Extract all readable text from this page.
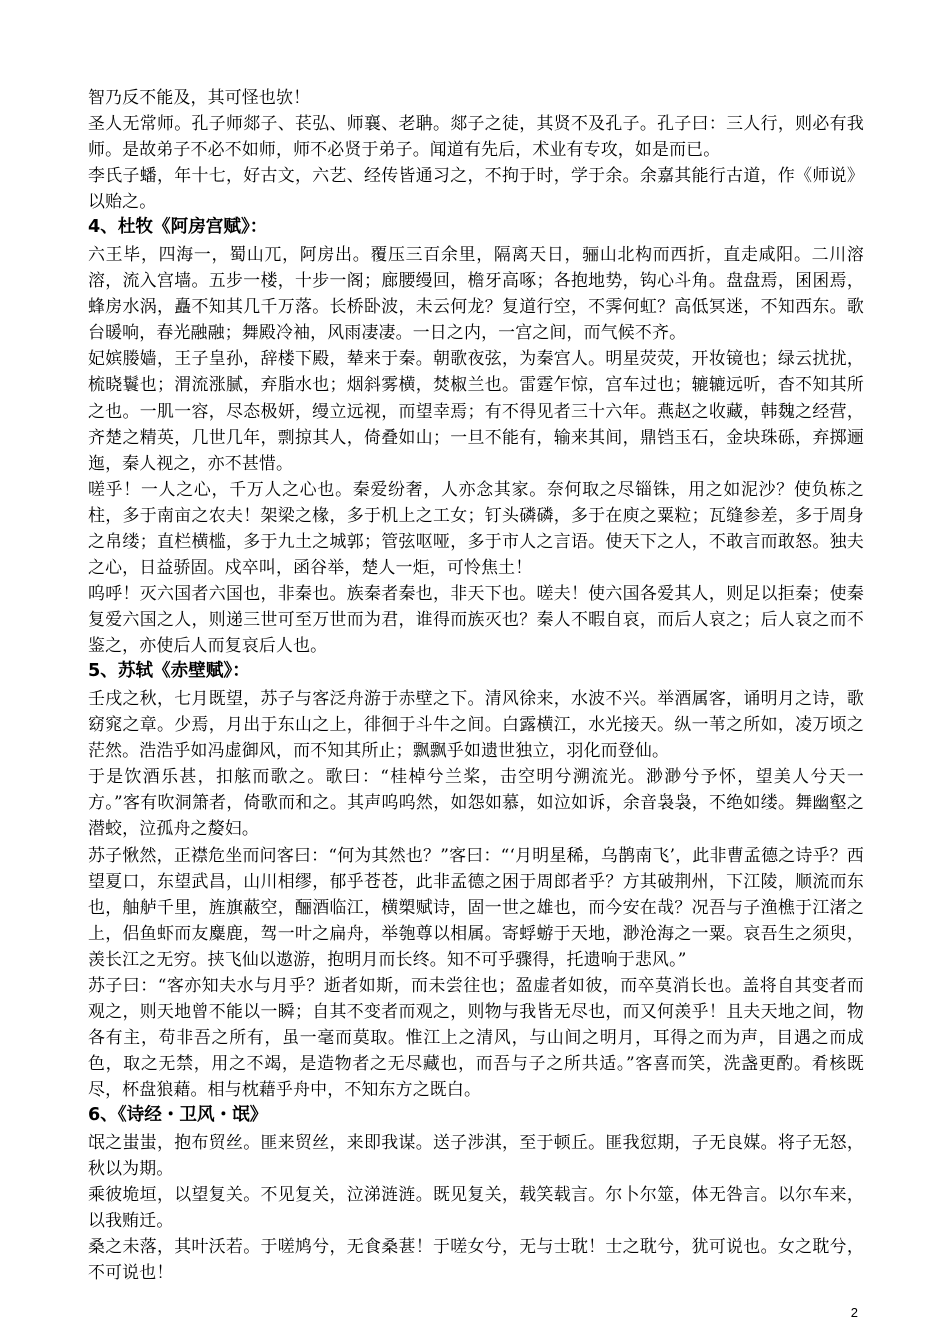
智乃反不能及，其可怪也欤！

圣人无常师。孔子师郯子、苌弘、师襄、老聃。郯子之徒，其贤不及孔子。孔子曰：三人行，则必有我师。是故弟子不必不如师，师不必贤于弟子。闻道有先后，术业有专攻，如是而已。

李氏子蟠，年十七，好古文，六艺、经传皆通习之，不拘于时，学于余。余嘉其能行古道，作《师说》以贻之。

4、杜牧《阿房宫赋》：

六王毕，四海一，蜀山兀，阿房出。覆压三百余里，隔离天日，骊山北构而西折，直走咸阳。二川溶溶，流入宫墙。五步一楼，十步一阁；廊腰缦回，檐牙高啄；各抱地势，钩心斗角。盘盘焉，囷囷焉，蜂房水涡，矗不知其几千万落。长桥卧波，未云何龙？复道行空，不霁何虹？高低冥迷，不知西东。歌台暖响，春光融融；舞殿冷袖，风雨凄凄。一日之内，一宫之间，而气候不齐。

妃嫔媵嫱，王子皇孙，辞楼下殿，辇来于秦。朝歌夜弦，为秦宫人。明星荧荧，开妆镜也；绿云扰扰，梳晓鬟也；渭流涨腻，弃脂水也；烟斜雾横，焚椒兰也。雷霆乍惊，宫车过也；辘辘远听，杳不知其所之也。一肌一容，尽态极妍，缦立远视，而望幸焉；有不得见者三十六年。燕赵之收藏，韩魏之经营，齐楚之精英，几世几年，剽掠其人，倚叠如山；一旦不能有，输来其间，鼎铛玉石，金块珠砾，弃掷逦迤，秦人视之，亦不甚惜。

嗟乎！一人之心，千万人之心也。秦爱纷奢，人亦念其家。奈何取之尽锱铢，用之如泥沙？使负栋之柱，多于南亩之农夫！架梁之椽，多于机上之工女；钉头磷磷，多于在庾之粟粒；瓦缝参差，多于周身之帛缕；直栏横槛，多于九土之城郭；管弦呕哑，多于市人之言语。使天下之人，不敢言而敢怒。独夫之心，日益骄固。戍卒叫，函谷举，楚人一炬，可怜焦土！

呜呼！灭六国者六国也，非秦也。族秦者秦也，非天下也。嗟夫！使六国各爱其人，则足以拒秦；使秦复爱六国之人，则递三世可至万世而为君，谁得而族灭也？秦人不暇自哀，而后人哀之；后人哀之而不鉴之，亦使后人而复哀后人也。

5、苏轼《赤壁赋》：

壬戌之秋，七月既望，苏子与客泛舟游于赤壁之下。清风徐来，水波不兴。举酒属客，诵明月之诗，歌窈窕之章。少焉，月出于东山之上，徘徊于斗牛之间。白露横江，水光接天。纵一苇之所如，凌万顷之茫然。浩浩乎如冯虚御风，而不知其所止；飘飘乎如遗世独立，羽化而登仙。

于是饮酒乐甚，扣舷而歌之。歌曰：“桂棹兮兰桨，击空明兮溯流光。渺渺兮予怀，望美人兮天一方。”客有吹洞箫者，倚歌而和之。其声呜呜然，如怨如慕，如泣如诉，余音袅袅，不绝如缕。舞幽壑之潜蛟，泣孤舟之嫠妇。

苏子愀然，正襟危坐而问客曰：“何为其然也？”客曰：“‘月明星稀，乌鹊南飞’，此非曹孟德之诗乎？西望夏口，东望武昌，山川相缪，郁乎苍苍，此非孟德之困于周郎者乎？方其破荆州，下江陵，顺流而东也，舳舻千里，旌旗蔽空，酾酒临江，横槊赋诗，固一世之雄也，而今安在哉？况吾与子渔樵于江渚之上，侣鱼虾而友麋鹿，驾一叶之扁舟，举匏尊以相属。寄蜉蝣于天地，渺沧海之一粟。哀吾生之须臾，羡长江之无穷。挟飞仙以遨游，抱明月而长终。知不可乎骤得，托遗响于悲风。”

苏子曰：“客亦知夫水与月乎？逝者如斯，而未尝往也；盈虚者如彼，而卒莫消长也。盖将自其变者而观之，则天地曾不能以一瞬；自其不变者而观之，则物与我皆无尽也，而又何羡乎！且夫天地之间，物各有主，苟非吾之所有，虽一毫而莫取。惟江上之清风，与山间之明月，耳得之而为声，目遇之而成色，取之无禁，用之不竭，是造物者之无尽藏也，而吾与子之所共适。”客喜而笑，洗盏更酌。肴核既尽，杯盘狼藉。相与枕藉乎舟中，不知东方之既白。

6、《诗经・卫风・氓》

氓之蚩蚩，抱布贸丝。匪来贸丝，来即我谋。送子涉淇，至于顿丘。匪我愆期，子无良媒。将子无怒，秋以为期。

乘彼垝垣，以望复关。不见复关，泣涕涟涟。既见复关，载笑载言。尔卜尔筮，体无咎言。以尔车来，以我贿迁。

桑之未落，其叶沃若。于嗟鸠兮，无食桑葚！于嗟女兮，无与士耽！士之耽兮，犹可说也。女之耽兮，不可说也！

2
